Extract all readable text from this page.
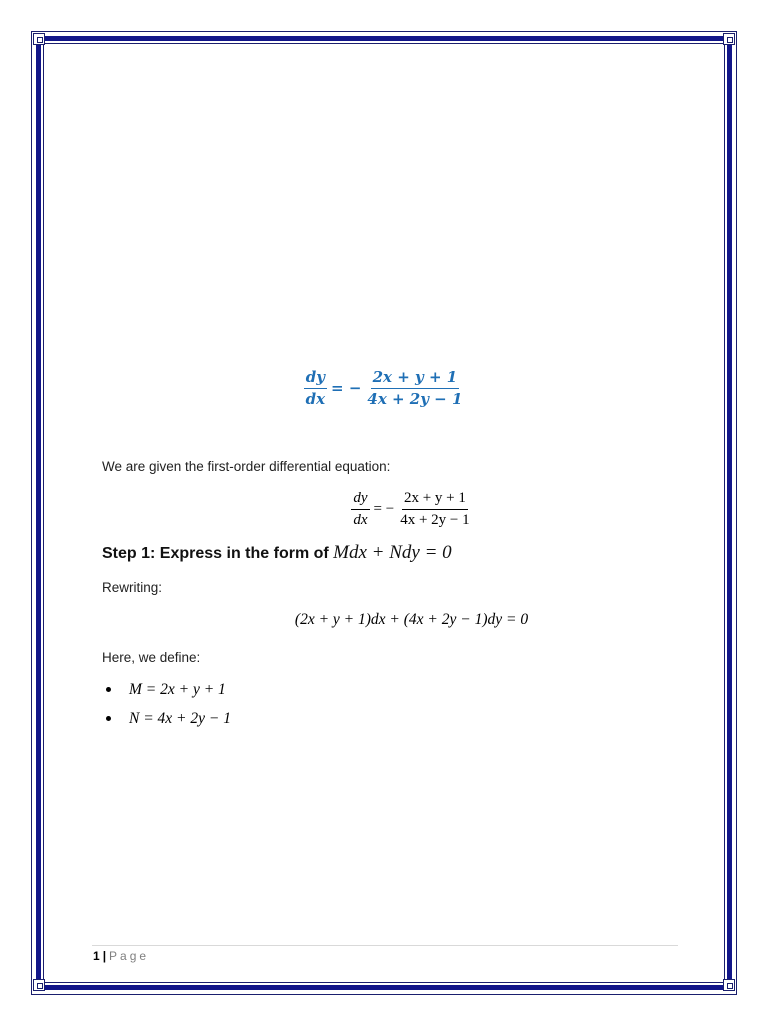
$\frac{dy}{dx}$ = − $\frac{2x + y + 1}{4x + 2y - 1}$
We are given the first-order differential equation:
$\frac{dy}{dx}$ = − $\frac{2x + y + 1}{4x + 2y - 1}$
Step 1: Express in the form of Mdx + Ndy = 0
Rewriting:
(2x + y + 1)dx + (4x + 2y − 1)dy = 0
Here, we define:
M = 2x + y + 1
N = 4x + 2y − 1
1 | Page
